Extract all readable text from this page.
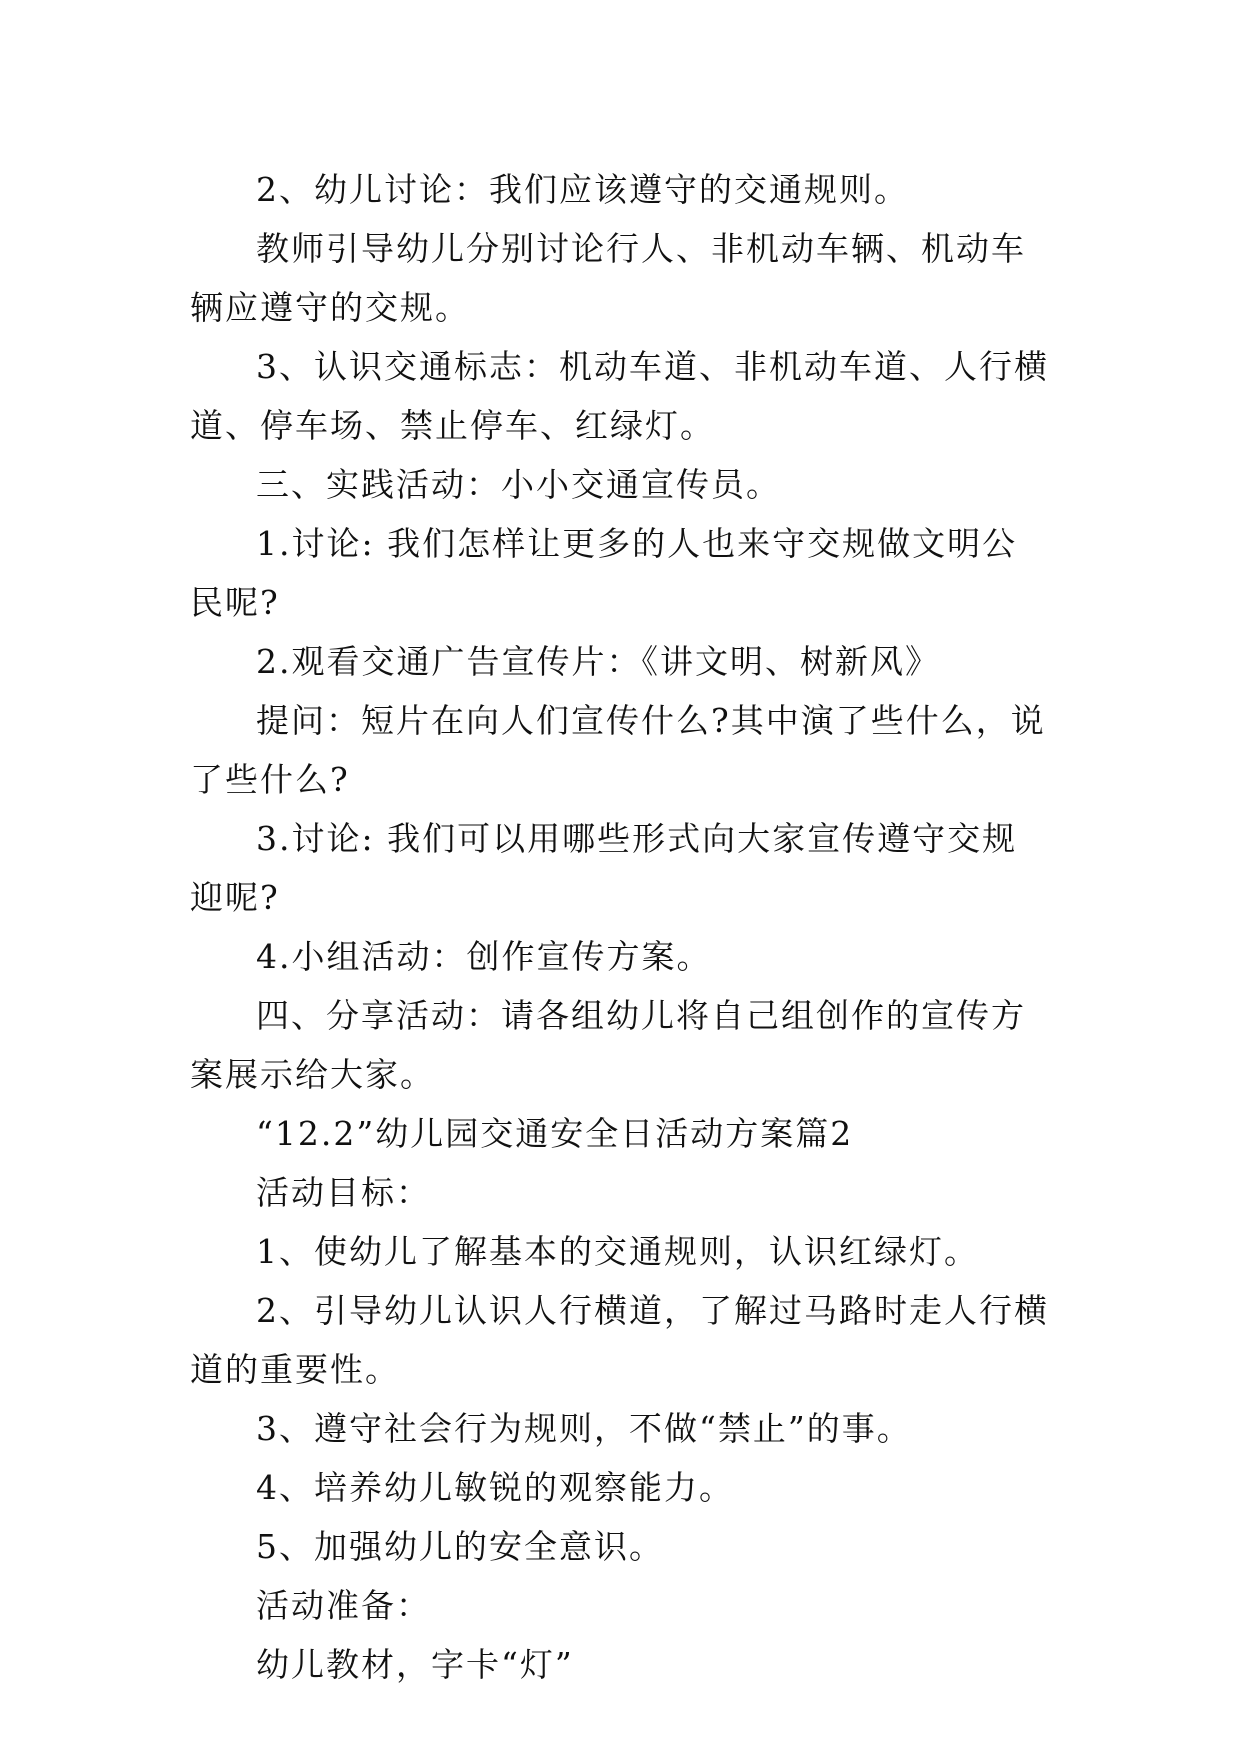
2、幼儿讨论：我们应该遵守的交通规则。

教师引导幼儿分别讨论行人、非机动车辆、机动车辆应遵守的交规。

3、认识交通标志：机动车道、非机动车道、人行横道、停车场、禁止停车、红绿灯。

三、实践活动：小小交通宣传员。

1.讨论: 我们怎样让更多的人也来守交规做文明公民呢?

2.观看交通广告宣传片：《讲文明、树新风》

提问：短片在向人们宣传什么?其中演了些什么，说了些什么?

3.讨论: 我们可以用哪些形式向大家宣传遵守交规迎呢?

4.小组活动：创作宣传方案。

四、分享活动：请各组幼儿将自己组创作的宣传方案展示给大家。

“12.2”幼儿园交通安全日活动方案篇2

活动目标：

1、使幼儿了解基本的交通规则，认识红绿灯。

2、引导幼儿认识人行横道，了解过马路时走人行横道的重要性。

3、遵守社会行为规则，不做“禁止”的事。

4、培养幼儿敏锐的观察能力。

5、加强幼儿的安全意识。

活动准备：

幼儿教材，字卡“灯”
